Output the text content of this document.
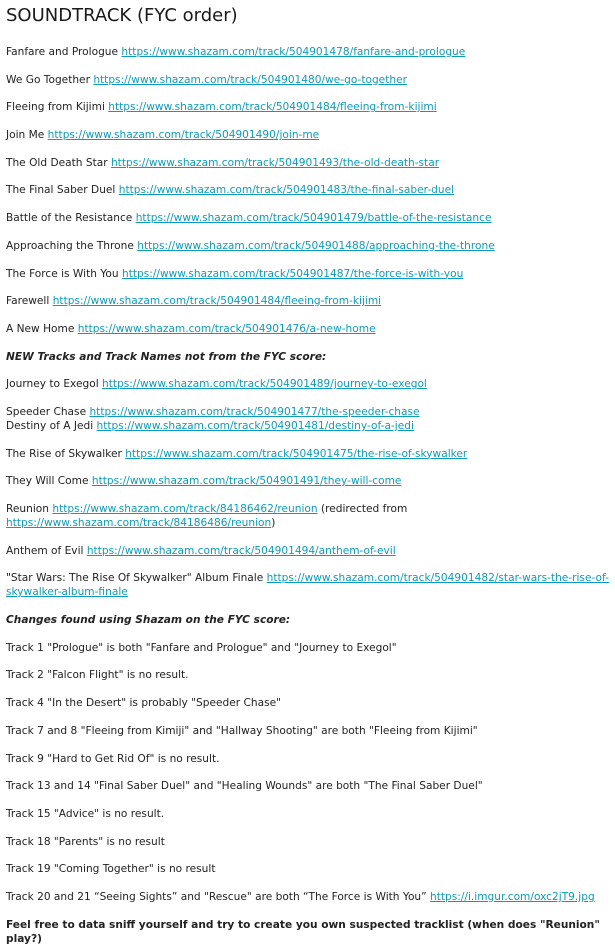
SOUNDTRACK (FYC order)

Fanfare and Prologue https://www.shazam.com/track/504901478/fanfare-and-prologue

We Go Together https://www.shazam.com/track/504901480/we-go-together

Fleeing from Kijimi https://www.shazam.com/track/504901484/fleeing-from-kijimi

Join Me https://www.shazam.com/track/504901490/join-me

The Old Death Star https://www.shazam.com/track/504901493/the-old-death-star

The Final Saber Duel https://www.shazam.com/track/504901483/the-final-saber-duel

Battle of the Resistance https://www.shazam.com/track/504901479/battle-of-the-resistance

Approaching the Throne https://www.shazam.com/track/504901488/approaching-the-throne

The Force is With You https://www.shazam.com/track/504901487/the-force-is-with-you

Farewell https://www.shazam.com/track/504901484/fleeing-from-kijimi

A New Home https://www.shazam.com/track/504901476/a-new-home

NEW Tracks and Track Names not from the FYC score:

Journey to Exegol https://www.shazam.com/track/504901489/journey-to-exegol

Speeder Chase https://www.shazam.com/track/504901477/the-speeder-chase
Destiny of A Jedi https://www.shazam.com/track/504901481/destiny-of-a-jedi

The Rise of Skywalker https://www.shazam.com/track/504901475/the-rise-of-skywalker

They Will Come https://www.shazam.com/track/504901491/they-will-come

Reunion https://www.shazam.com/track/84186462/reunion (redirected from https://www.shazam.com/track/84186486/reunion)

Anthem of Evil https://www.shazam.com/track/504901494/anthem-of-evil

"Star Wars: The Rise Of Skywalker" Album Finale https://www.shazam.com/track/504901482/star-wars-the-rise-of-skywalker-album-finale

Changes found using Shazam on the FYC score:

Track 1 "Prologue" is both "Fanfare and Prologue" and "Journey to Exegol"

Track 2 "Falcon Flight" is no result.

Track 4 "In the Desert" is probably "Speeder Chase"

Track 7 and 8 "Fleeing from Kimiji" and "Hallway Shooting" are both "Fleeing from Kijimi"

Track 9 "Hard to Get Rid Of" is no result.

Track 13 and 14 "Final Saber Duel" and "Healing Wounds" are both "The Final Saber Duel"

Track 15 "Advice" is no result.

Track 18 "Parents" is no result

Track 19 "Coming Together" is no result

Track 20 and 21 “Seeing Sights” and "Rescue" are both “The Force is With You” https://i.imgur.com/oxc2jT9.jpg

Feel free to data sniff yourself and try to create you own suspected tracklist (when does "Reunion" play?)
